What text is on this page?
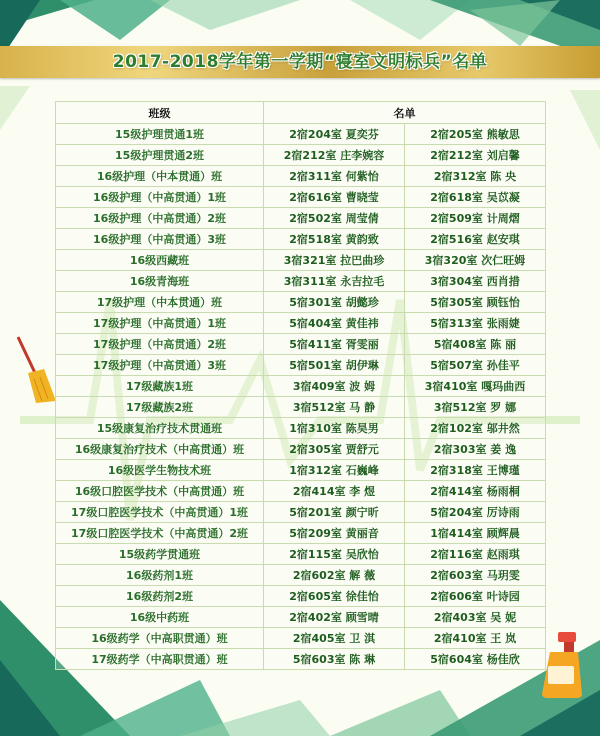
2017-2018学年第一学期“寝室文明标兵”名单
班级	名单	
15级护理贯通1班	2宿204室 夏奕芬	2宿205室 熊敏思
15级护理贯通2班	2宿212室 庄李婉容	2宿212室 刘启馨
16级护理（中本贯通）班	2宿311室 何紫怡	2宿312室 陈 央
16级护理（中高贯通）1班	2宿616室 曹晓莹	2宿618室 吴苡凝
16级护理（中高贯通）2班	2宿502室 周莹倩	2宿509室 计周熠
16级护理（中高贯通）3班	2宿518室 黄韵致	2宿516室 赵安琪
16级西藏班	3宿321室 拉巴曲珍	3宿320室 次仁旺姆
16级青海班	3宿311室 永吉拉毛	3宿304室 西肖措
17级护理（中本贯通）班	5宿301室 胡懿珍	5宿305室 顾钰怡
17级护理（中高贯通）1班	5宿404室 黄佳祎	5宿313室 张雨婕
17级护理（中高贯通）2班	5宿411室 胥雯丽	5宿408室 陈 丽
17级护理（中高贯通）3班	5宿501室 胡伊琳	5宿507室 孙佳平
17级藏族1班	3宿409室 波 姆	3宿410室 嘎玛曲西
17级藏族2班	3宿512室 马 静	3宿512室 罗 娜
15级康复治疗技术贯通班	1宿310室 陈昊男	2宿102室 邬井然
16级康复治疗技术（中高贯通）班	2宿305室 贾舒元	2宿303室 姜 逸
16级医学生物技术班	1宿312室 石巍峰	2宿318室 王博瑾
16级口腔医学技术（中高贯通）班	2宿414室 李 煜	2宿414室 杨雨桐
17级口腔医学技术（中高贯通）1班	5宿201室 颜宁昕	5宿204室 厉诗雨
17级口腔医学技术（中高贯通）2班	5宿209室 黄丽音	1宿414室 顾辉晨
15级药学贯通班	2宿115室 吴欣怡	2宿116室 赵雨琪
16级药剂1班	2宿602室 解 薇	2宿603室 马玥雯
16级药剂2班	2宿605室 徐佳怡	2宿606室 叶诗园
16级中药班	2宿402室 顾雪晴	2宿403室 吴 妮
16级药学（中高职贯通）班	2宿405室 卫 淇	2宿410室 王 岚
17级药学（中高职贯通）班	5宿603室 陈 琳	5宿604室 杨佳欣
